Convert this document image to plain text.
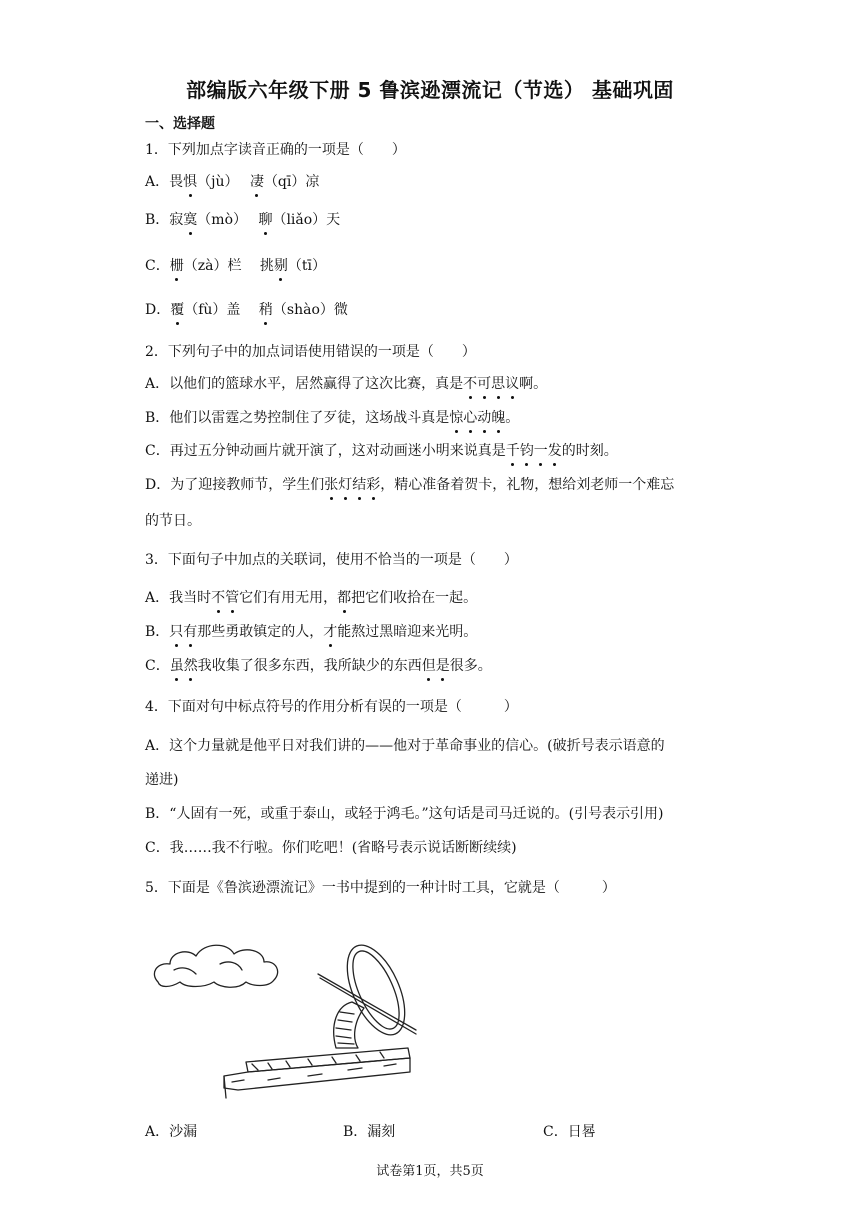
部编版六年级下册 5 鲁滨逊漂流记（节选） 基础巩固
一、选择题
1．下列加点字读音正确的一项是（　　）
A．畏惧（jù）　 凄（qī）凉
B．寂寞（mò）　 聊（liǎo）天
C．栅（zà）栏　 挑剔（tī）
D．覆（fù）盖　 稍（shào）微
2．下列句子中的加点词语使用错误的一项是（　　）
A．以他们的篮球水平，居然赢得了这次比赛，真是不可思议啊。
B．他们以雷霆之势控制住了歹徒，这场战斗真是惊心动魄。
C．再过五分钟动画片就开演了，这对动画迷小明来说真是千钧一发的时刻。
D．为了迎接教师节，学生们张灯结彩，精心准备着贺卡，礼物，想给刘老师一个难忘
的节日。
3．下面句子中加点的关联词，使用不恰当的一项是（　　）
A．我当时不管它们有用无用，都把它们收拾在一起。
B．只有那些勇敢镇定的人，才能熬过黑暗迎来光明。
C．虽然我收集了很多东西，我所缺少的东西但是很多。
4．下面对句中标点符号的作用分析有误的一项是（　　　）
A．这个力量就是他平日对我们讲的——他对于革命事业的信心。(破折号表示语意的
递进)
B．“人固有一死，或重于泰山，或轻于鸿毛。”这句话是司马迁说的。(引号表示引用)
C．我……我不行啦。你们吃吧！(省略号表示说话断断续续)
5．下面是《鲁滨逊漂流记》一书中提到的一种计时工具，它就是（　　　）
A．沙漏	B．漏刻	C．日晷
试卷第1页，共5页
